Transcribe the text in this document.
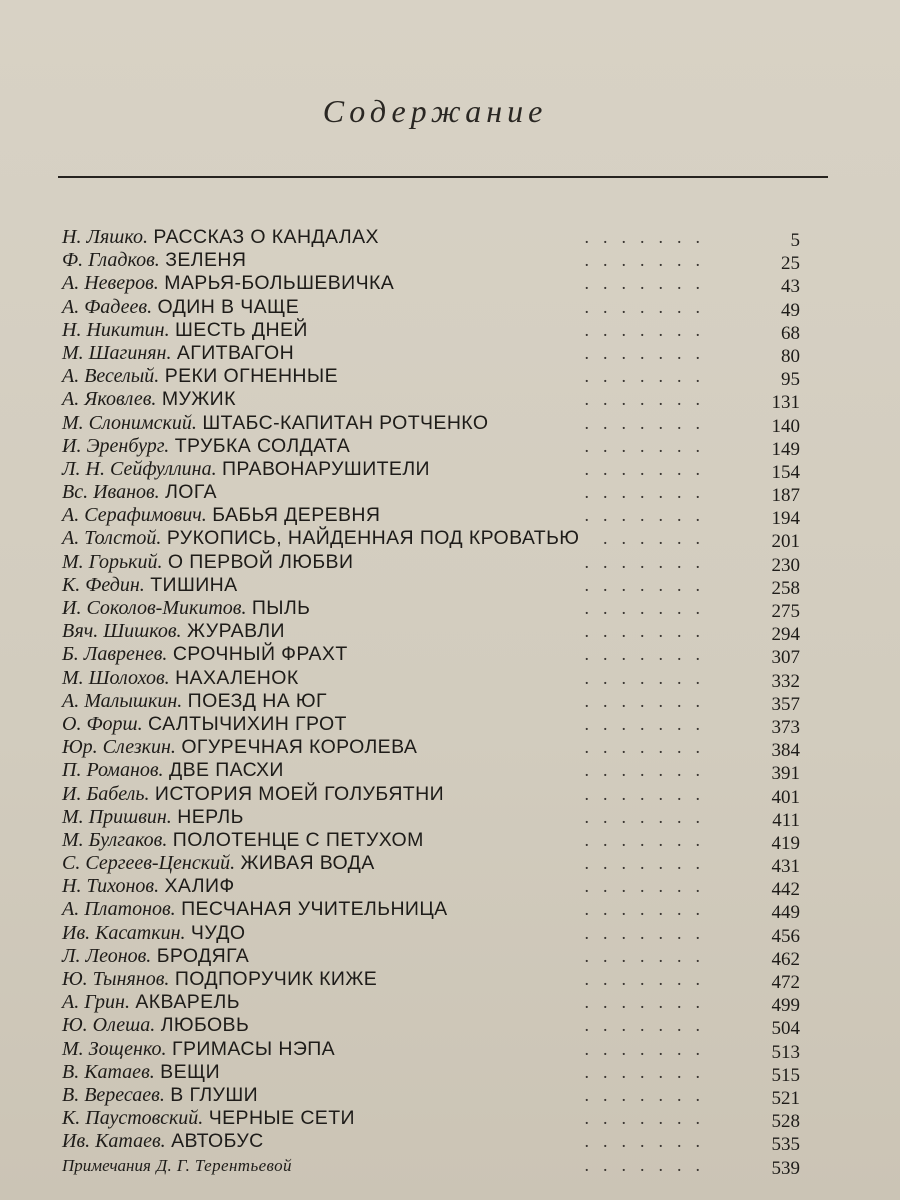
Содержание
Н. Ляшко. РАССКАЗ О КАНДАЛАХ	.......	5
Ф. Гладков. ЗЕЛЕНЯ	.......	25
А. Неверов. МАРЬЯ-БОЛЬШЕВИЧКА	.......	43
А. Фадеев. ОДИН В ЧАЩЕ	.......	49
Н. Никитин. ШЕСТЬ ДНЕЙ	.......	68
М. Шагинян. АГИТВАГОН	.......	80
А. Веселый. РЕКИ ОГНЕННЫЕ	.......	95
А. Яковлев. МУЖИК	.......	131
М. Слонимский. ШТАБС-КАПИТАН РОТЧЕНКО	.......	140
И. Эренбург. ТРУБКА СОЛДАТА	.......	149
Л. Н. Сейфуллина. ПРАВОНАРУШИТЕЛИ	.......	154
Вс. Иванов. ЛОГА	.......	187
А. Серафимович. БАБЬЯ ДЕРЕВНЯ	.......	194
А. Толстой. РУКОПИСЬ, НАЙДЕННАЯ ПОД КРОВАТЬЮ ......	201
М. Горький. О ПЕРВОЙ ЛЮБВИ	.......	230
К. Федин. ТИШИНА	.......	258
И. Соколов-Микитов. ПЫЛЬ	.......	275
Вяч. Шишков. ЖУРАВЛИ	.......	294
Б. Лавренев. СРОЧНЫЙ ФРАХТ	.......	307
М. Шолохов. НАХАЛЕНОК	.......	332
А. Малышкин. ПОЕЗД НА ЮГ	.......	357
О. Форш. САЛТЫЧИХИН ГРОТ	.......	373
Юр. Слезкин. ОГУРЕЧНАЯ КОРОЛЕВА	.......	384
П. Романов. ДВЕ ПАСХИ	.......	391
И. Бабель. ИСТОРИЯ МОЕЙ ГОЛУБЯТНИ	.......	401
М. Пришвин. НЕРЛЬ	.......	411
М. Булгаков. ПОЛОТЕНЦЕ С ПЕТУХОМ	.......	419
С. Сергеев-Ценский. ЖИВАЯ ВОДА	.......	431
Н. Тихонов. ХАЛИФ	.......	442
А. Платонов. ПЕСЧАНАЯ УЧИТЕЛЬНИЦА	.......	449
Ив. Касаткин. ЧУДО	.......	456
Л. Леонов. БРОДЯГА	.......	462
Ю. Тынянов. ПОДПОРУЧИК КИЖЕ	.......	472
А. Грин. АКВАРЕЛЬ	.......	499
Ю. Олеша. ЛЮБОВЬ	.......	504
М. Зощенко. ГРИМАСЫ НЭПА	.......	513
В. Катаев. ВЕЩИ	.......	515
В. Вересаев. В ГЛУШИ	.......	521
К. Паустовский. ЧЕРНЫЕ СЕТИ	.......	528
Ив. Катаев. АВТОБУС	.......	535
Примечания Д. Г. Терентьевой	.......	539
